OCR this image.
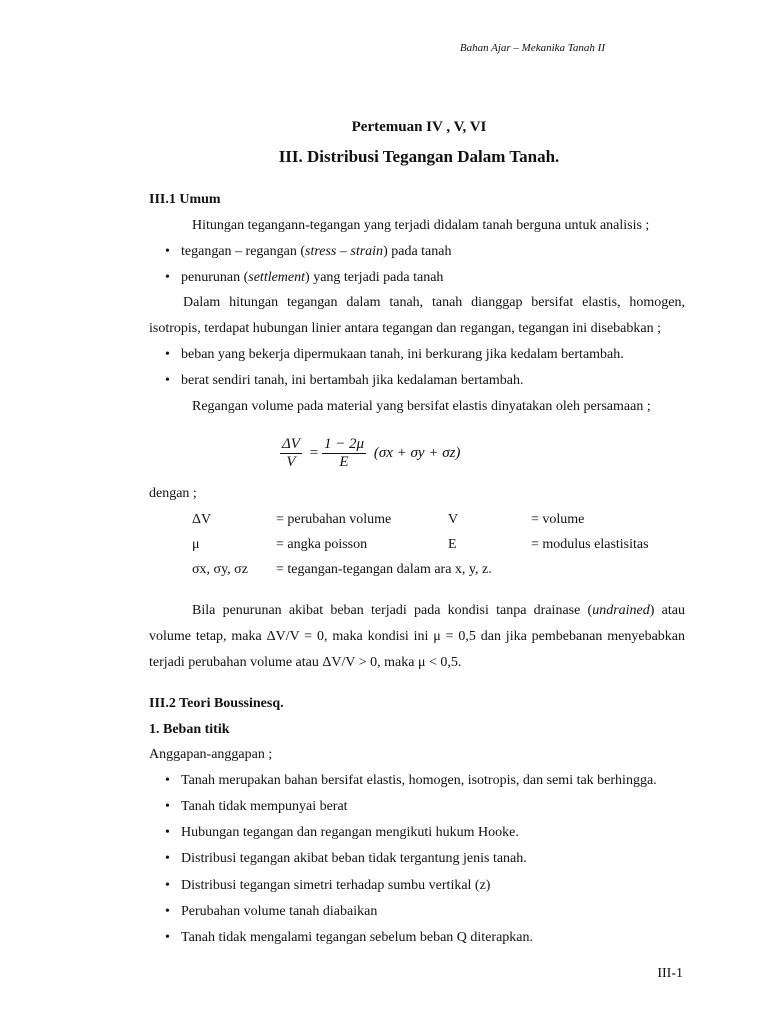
Bahan Ajar – Mekanika Tanah II
Pertemuan IV , V, VI
III. Distribusi Tegangan Dalam Tanah.
III.1 Umum
Hitungan tegangann-tegangan yang terjadi didalam tanah berguna untuk analisis ;
• tegangan – regangan (stress – strain) pada tanah
• penurunan (settlement) yang terjadi pada tanah
Dalam hitungan tegangan dalam tanah, tanah dianggap bersifat elastis, homogen, isotropis, terdapat hubungan linier antara tegangan dan regangan, tegangan ini disebabkan ;
• beban yang bekerja dipermukaan tanah, ini berkurang jika kedalam bertambah.
• berat sendiri tanah, ini bertambah jika kedalaman bertambah.
Regangan volume pada material yang bersifat elastis dinyatakan oleh persamaan ;
$\frac{\Delta V}{V} = \frac{1 - 2\mu}{E} (\sigma x + \sigma y + \sigma z)$
dengan ;
ΔV	= perubahan volume	V	= volume
μ	= angka poisson	E	= modulus elastisitas
σx, σy, σz = tegangan-tegangan dalam ara x, y, z.
Bila penurunan akibat beban terjadi pada kondisi tanpa drainase (undrained) atau volume tetap, maka ΔV/V = 0, maka kondisi ini μ = 0,5 dan jika pembebanan menyebabkan terjadi perubahan volume atau ΔV/V > 0, maka μ < 0,5.
III.2 Teori Boussinesq.
1. Beban titik
Anggapan-anggapan ;
• Tanah merupakan bahan bersifat elastis, homogen, isotropis, dan semi tak berhingga.
• Tanah tidak mempunyai berat
• Hubungan tegangan dan regangan mengikuti hukum Hooke.
• Distribusi tegangan akibat beban tidak tergantung jenis tanah.
• Distribusi tegangan simetri terhadap sumbu vertikal (z)
• Perubahan volume tanah diabaikan
• Tanah tidak mengalami tegangan sebelum beban Q diterapkan.
III-1
